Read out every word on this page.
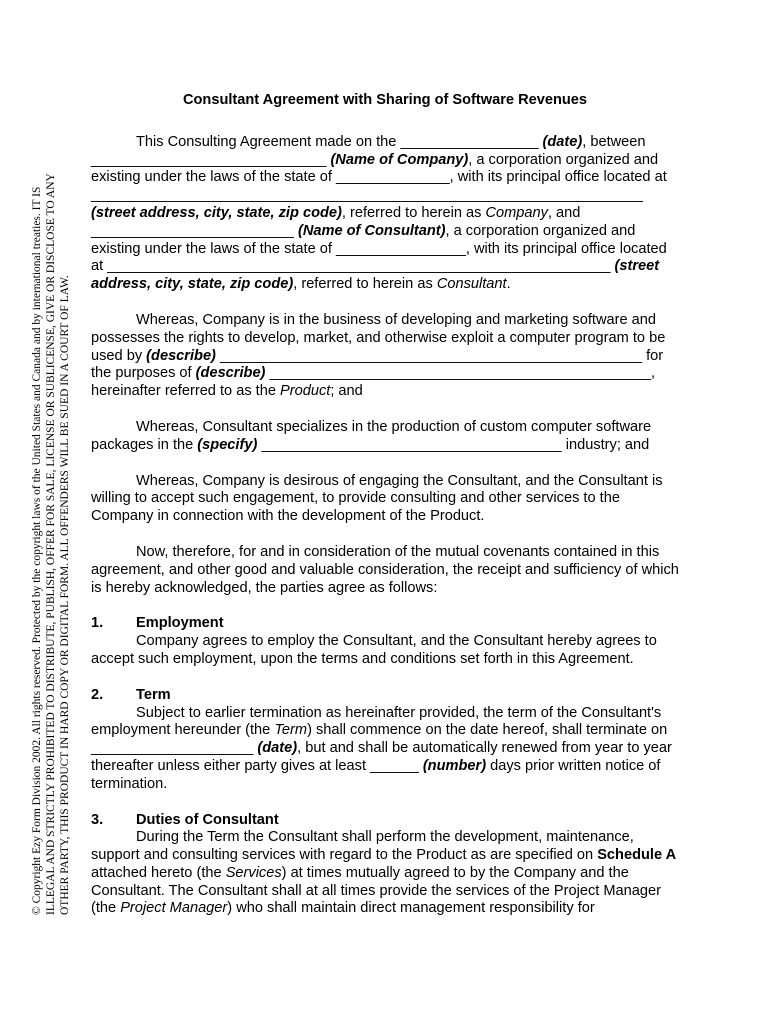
© Copyright Ezy Form Division 2002. All rights reserved. Protected by the copyright laws of the United States and Canada and by international treaties. IT IS ILLEGAL AND STRICTLY PROHIBITED TO DISTRIBUTE, PUBLISH, OFFER FOR SALE, LICENSE OR SUBLICENSE, GIVE OR DISCLOSE TO ANY OTHER PARTY, THIS PRODUCT IN HARD COPY OR DIGITAL FORM. ALL OFFENDERS WILL BE SUED IN A COURT OF LAW.
Consultant Agreement with Sharing of Software Revenues

This Consulting Agreement made on the _________________ (date), between _____________________________ (Name of Company), a corporation organized and existing under the laws of the state of ______________, with its principal office located at ____________________________________________________________________ (street address, city, state, zip code), referred to herein as Company, and _________________________ (Name of Consultant), a corporation organized and existing under the laws of the state of ________________, with its principal office located at ______________________________________________________________ (street address, city, state, zip code), referred to herein as Consultant.

Whereas, Company is in the business of developing and marketing software and possesses the rights to develop, market, and otherwise exploit a computer program to be used by (describe) ____________________________________________________ for the purposes of (describe) _______________________________________________, hereinafter referred to as the Product; and

Whereas, Consultant specializes in the production of custom computer software packages in the (specify) _____________________________________ industry; and

Whereas, Company is desirous of engaging the Consultant, and the Consultant is willing to accept such engagement, to provide consulting and other services to the Company in connection with the development of the Product.

Now, therefore, for and in consideration of the mutual covenants contained in this agreement, and other good and valuable consideration, the receipt and sufficiency of which is hereby acknowledged, the parties agree as follows:

1. Employment

Company agrees to employ the Consultant, and the Consultant hereby agrees to accept such employment, upon the terms and conditions set forth in this Agreement.

2. Term

Subject to earlier termination as hereinafter provided, the term of the Consultant's employment hereunder (the Term) shall commence on the date hereof, shall terminate on ____________________ (date), but and shall be automatically renewed from year to year thereafter unless either party gives at least ______ (number) days prior written notice of termination.

3. Duties of Consultant

During the Term the Consultant shall perform the development, maintenance, support and consulting services with regard to the Product as are specified on Schedule A attached hereto (the Services) at times mutually agreed to by the Company and the Consultant. The Consultant shall at all times provide the services of the Project Manager (the Project Manager) who shall maintain direct management responsibility for
